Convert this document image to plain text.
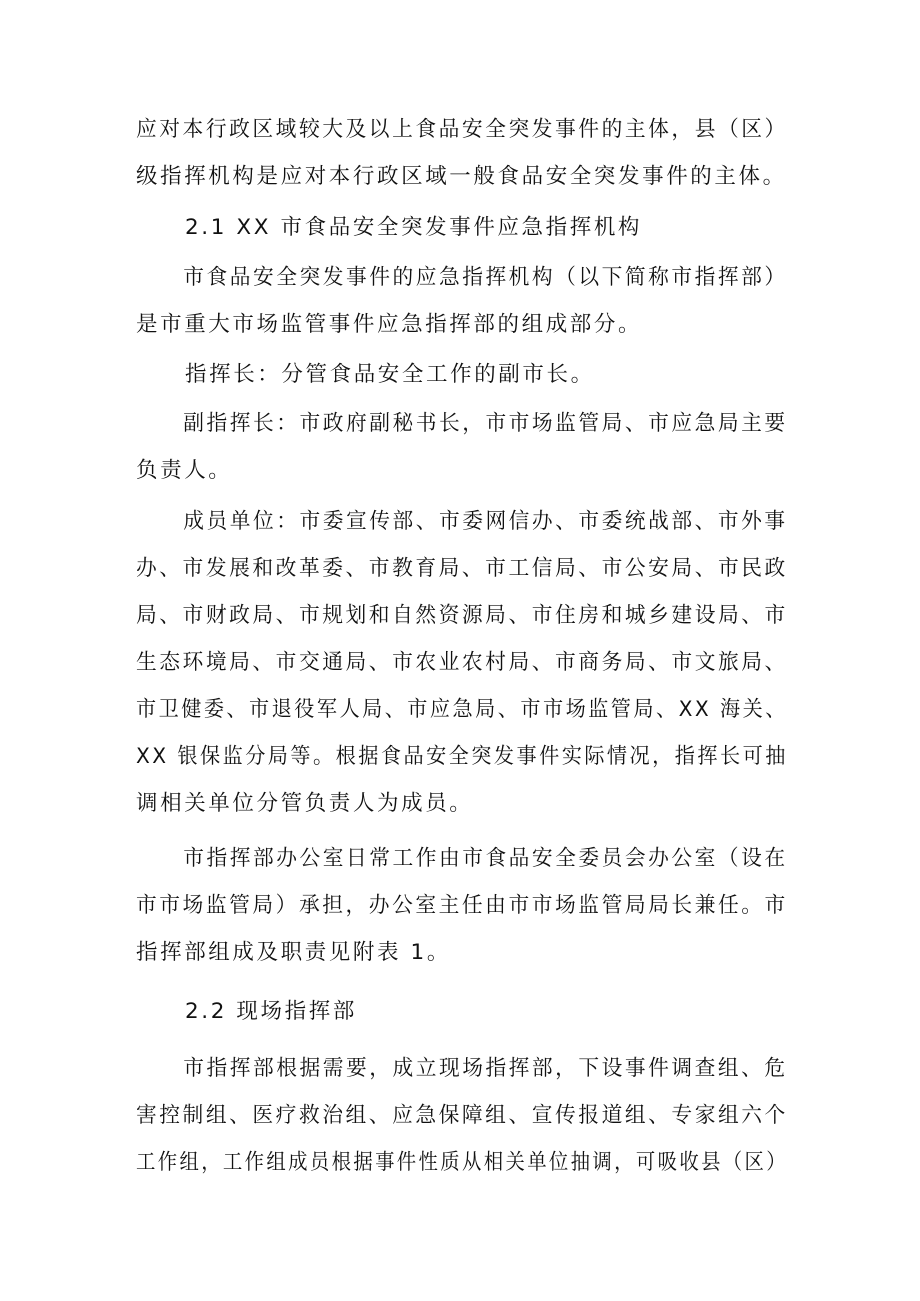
应对本行政区域较大及以上食品安全突发事件的主体，县（区）
级指挥机构是应对本行政区域一般食品安全突发事件的主体。
2.1 XX 市食品安全突发事件应急指挥机构
市食品安全突发事件的应急指挥机构（以下简称市指挥部）
是市重大市场监管事件应急指挥部的组成部分。
指挥长：分管食品安全工作的副市长。
副指挥长：市政府副秘书长，市市场监管局、市应急局主要
负责人。
成员单位：市委宣传部、市委网信办、市委统战部、市外事
办、市发展和改革委、市教育局、市工信局、市公安局、市民政
局、市财政局、市规划和自然资源局、市住房和城乡建设局、市
生态环境局、市交通局、市农业农村局、市商务局、市文旅局、
市卫健委、市退役军人局、市应急局、市市场监管局、XX 海关、
XX 银保监分局等。根据食品安全突发事件实际情况，指挥长可抽
调相关单位分管负责人为成员。
市指挥部办公室日常工作由市食品安全委员会办公室（设在
市市场监管局）承担，办公室主任由市市场监管局局长兼任。市
指挥部组成及职责见附表 1。
2.2 现场指挥部
市指挥部根据需要，成立现场指挥部，下设事件调查组、危
害控制组、医疗救治组、应急保障组、宣传报道组、专家组六个
工作组，工作组成员根据事件性质从相关单位抽调，可吸收县（区）
